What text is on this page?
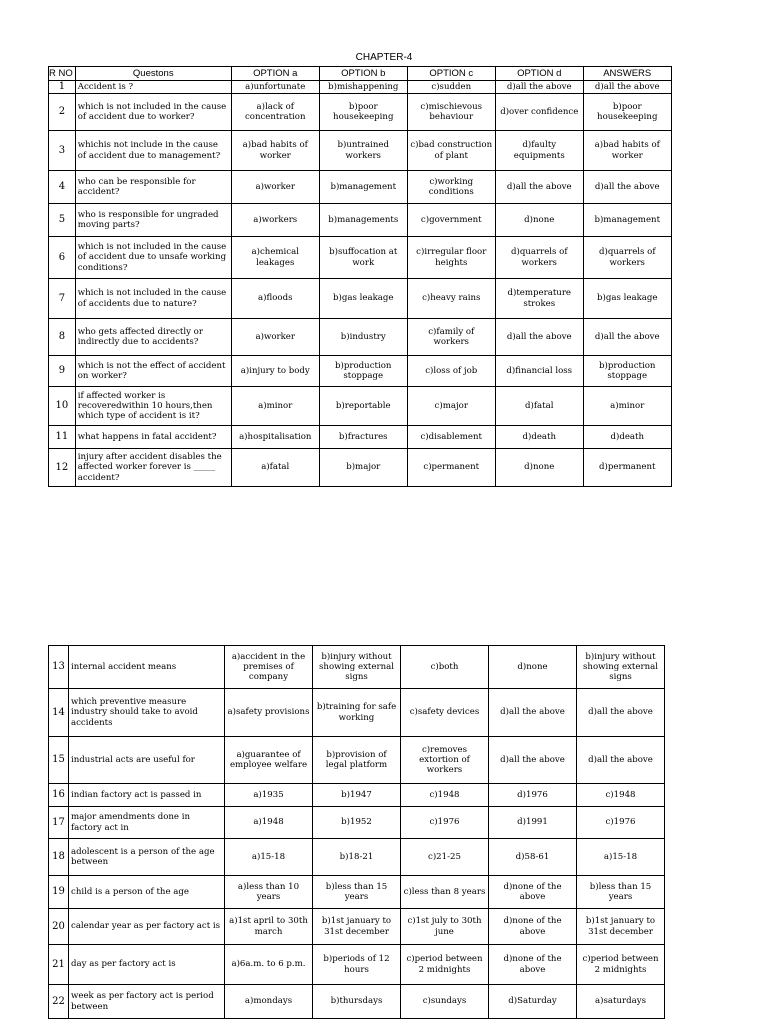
CHAPTER-4
R NO	Questons	OPTION a	OPTION b	OPTION c	OPTION d	ANSWERS
1	Accident is ?	a)unfortunate	b)mishappening	c)sudden	d)all the above	d)all the above
2	which is not included in the cause of accident due to worker?	a)lack of concentration	b)poor housekeeping	c)mischievous behaviour	d)over confidence	b)poor housekeeping
3	whichis not include in the cause of accident due to management?	a)bad habits of worker	b)untrained workers	c)bad construction of plant	d)faulty equipments	a)bad habits of worker
4	who can be responsible for accident?	a)worker	b)management	c)working conditions	d)all the above	d)all the above
5	who is responsible for ungraded moving parts?	a)workers	b)managements	c)government	d)none	b)management
6	which is not included in the cause of accident due to unsafe working conditions?	a)chemical leakages	b)suffocation at work	c)irregular floor heights	d)quarrels of workers	d)quarrels of workers
7	which is not included in the cause of accidents due to nature?	a)floods	b)gas leakage	c)heavy rains	d)temperature strokes	b)gas leakage
8	who gets affected directly or indirectly due to accidents?	a)worker	b)industry	c)family of workers	d)all the above	d)all the above
9	which is not the effect of accident on worker?	a)injury to body	b)production stoppage	c)loss of job	d)financial loss	b)production stoppage
10	if affected worker is recoveredwithin 10 hours,then which type of accident is it?	a)minor	b)reportable	c)major	d)fatal	a)minor
11	what happens in fatal accident?	a)hospitalisation	b)fractures	c)disablement	d)death	d)death
12	injury after accident disables the affected worker forever is _____ accident?	a)fatal	b)major	c)permanent	d)none	d)permanent
13	internal accident means	a)accident in the premises of company	b)injury without showing external signs	c)both	d)none	b)injury without showing external signs
14	which preventive measure industry should take to avoid accidents	a)safety provisions	b)training for safe working	c)safety devices	d)all the above	d)all the above
15	industrial acts are useful for	a)guarantee of employee welfare	b)provision of legal platform	c)removes extortion of workers	d)all the above	d)all the above
16	indian factory act is passed in	a)1935	b)1947	c)1948	d)1976	c)1948
17	major amendments done in factory act in	a)1948	b)1952	c)1976	d)1991	c)1976
18	adolescent is a person of the age between	a)15-18	b)18-21	c)21-25	d)58-61	a)15-18
19	child is a person of the age	a)less than 10 years	b)less than 15 years	c)less than 8 years	d)none of the above	b)less than 15 years
20	calendar year as per factory act is	a)1st april to 30th march	b)1st january to 31st december	c)1st july to 30th june	d)none of the above	b)1st january to 31st december
21	day as per factory act is	a)6a.m. to 6 p.m.	b)periods of 12 hours	c)period between 2 midnights	d)none of the above	c)period between 2 midnights
22	week as per factory act is period between	a)mondays	b)thursdays	c)sundays	d)Saturday	a)saturdays
